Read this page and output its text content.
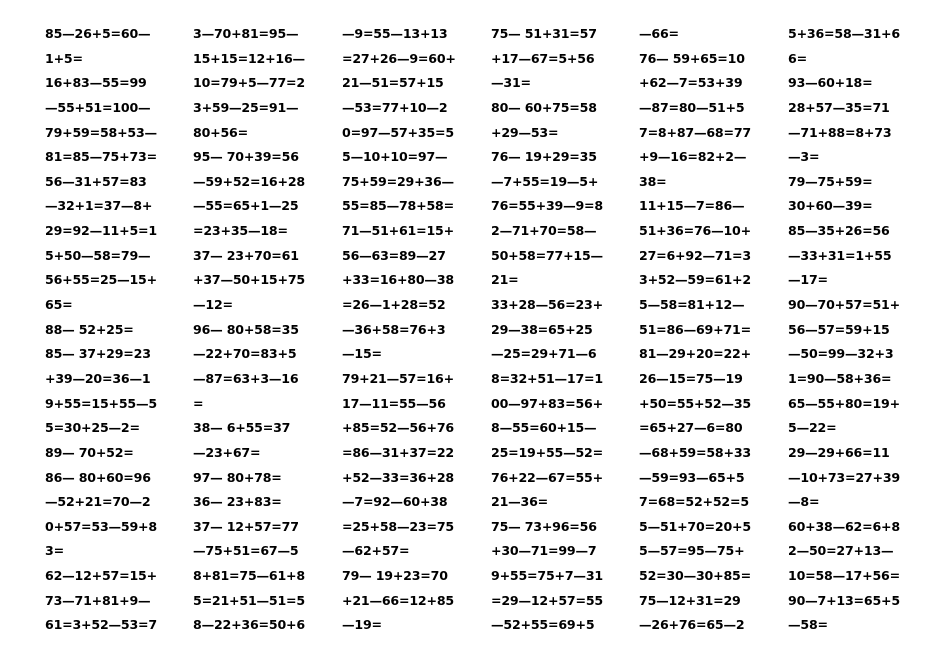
85—26+5=60—
1+5=
16+83—55=99
—55+51=100—
79+59=58+53—
81=85—75+73=
56—31+57=83
—32+1=37—8+
29=92—11+5=1
5+50—58=79—
56+55=25—15+
65=
88— 52+25=
85— 37+29=23
+39—20=36—1
9+55=15+55—5
5=30+25—2=
89— 70+52=
86— 80+60=96
—52+21=70—2
0+57=53—59+8
3=
62—12+57=15+
73—71+81+9—
61=3+52—53=7
3—70+81=95—
15+15=12+16—
10=79+5—77=2
3+59—25=91—
80+56=
95— 70+39=56
—59+52=16+28
—55=65+1—25
=23+35—18=
37— 23+70=61
+37—50+15+75
—12=
96— 80+58=35
—22+70=83+5
—87=63+3—16
=
38— 6+55=37
—23+67=
97— 80+78=
36— 23+83=
37— 12+57=77
—75+51=67—5
8+81=75—61+8
5=21+51—51=5
8—22+36=50+6
—9=55—13+13
=27+26—9=60+
21—51=57+15
—53=77+10—2
0=97—57+35=5
5—10+10=97—
75+59=29+36—
55=85—78+58=
71—51+61=15+
56—63=89—27
+33=16+80—38
=26—1+28=52
—36+58=76+3
—15=
79+21—57=16+
17—11=55—56
+85=52—56+76
=86—31+37=22
+52—33=36+28
—7=92—60+38
=25+58—23=75
—62+57=
79— 19+23=70
+21—66=12+85
—19=
75— 51+31=57
+17—67=5+56
—31=
80— 60+75=58
+29—53=
76— 19+29=35
—7+55=19—5+
76=55+39—9=8
2—71+70=58—
50+58=77+15—
21=
33+28—56=23+
29—38=65+25
—25=29+71—6
8=32+51—17=1
00—97+83=56+
8—55=60+15—
25=19+55—52=
76+22—67=55+
21—36=
75— 73+96=56
+30—71=99—7
9+55=75+7—31
=29—12+57=55
—52+55=69+5
—66=
76— 59+65=10
+62—7=53+39
—87=80—51+5
7=8+87—68=77
+9—16=82+2—
38=
11+15—7=86—
51+36=76—10+
27=6+92—71=3
3+52—59=61+2
5—58=81+12—
51=86—69+71=
81—29+20=22+
26—15=75—19
+50=55+52—35
=65+27—6=80
—68+59=58+33
—59=93—65+5
7=68=52+52=5
5—51+70=20+5
5—57=95—75+
52=30—30+85=
75—12+31=29
—26+76=65—2
5+36=58—31+6
6=
93—60+18=
28+57—35=71
—71+88=8+73
—3=
79—75+59=
30+60—39=
85—35+26=56
—33+31=1+55
—17=
90—70+57=51+
56—57=59+15
—50=99—32+3
1=90—58+36=
65—55+80=19+
5—22=
29—29+66=11
—10+73=27+39
—8=
60+38—62=6+8
2—50=27+13—
10=58—17+56=
90—7+13=65+5
—58=
